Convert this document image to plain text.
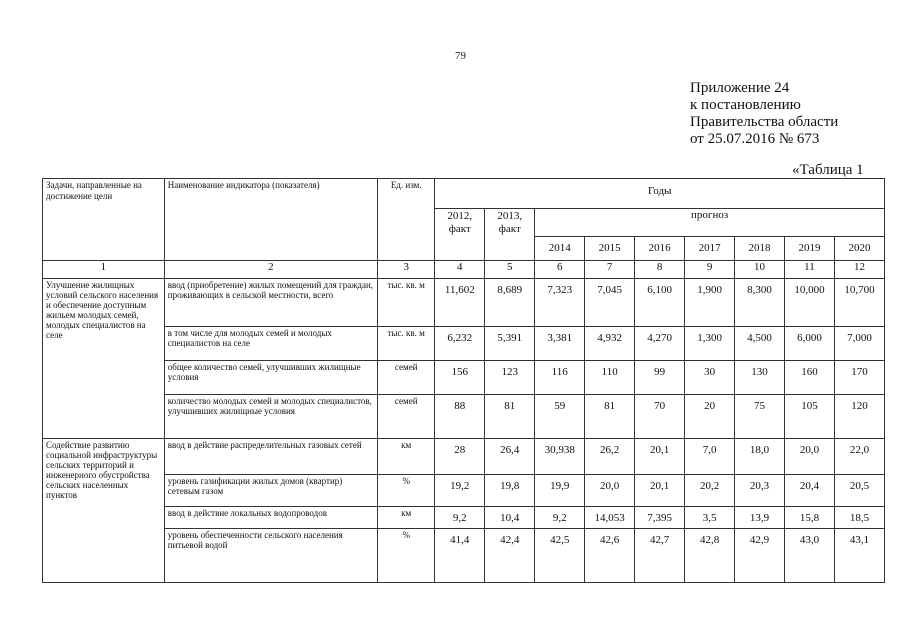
79
Приложение 24
к постановлению
Правительства области
от 25.07.2016 № 673
«Таблица 1
Задачи, направленные на достижение цели	Наименование индикатора (показателя)	Ед. изм.	Годы								
			2012, факт	2013, факт	прогноз						
					2014	2015	2016	2017	2018	2019	2020
1	2	3	4	5	6	7	8	9	10	11	12
Улучшение жилищных условий сельского населения и обеспечение доступным жильем молодых семей, молодых специалистов на селе	ввод (приобретение) жилых помещений для граждан, проживающих в сельской местности, всего	тыс. кв. м	11,602	8,689	7,323	7,045	6,100	1,900	8,300	10,000	10,700
	в том числе для молодых семей и молодых специалистов на селе	тыс. кв. м	6,232	5,391	3,381	4,932	4,270	1,300	4,500	6,000	7,000
	общее количество семей, улучшивших жилищные условия	семей	156	123	116	110	99	30	130	160	170
	количество молодых семей и молодых специалистов, улучшивших жилищные условия	семей	88	81	59	81	70	20	75	105	120
Содействие развитию социальной инфраструктуры сельских территорий и инженерного обустройства сельских населенных пунктов	ввод в действие распределительных газовых сетей	км	28	26,4	30,938	26,2	20,1	7,0	18,0	20,0	22,0
	уровень газификации жилых домов (квартир) сетевым газом	%	19,2	19,8	19,9	20,0	20,1	20,2	20,3	20,4	20,5
	ввод в действие локальных водопроводов	км	9,2	10,4	9,2	14,053	7,395	3,5	13,9	15,8	18,5
	уровень обеспеченности сельского населения питьевой водой	%	41,4	42,4	42,5	42,6	42,7	42,8	42,9	43,0	43,1
